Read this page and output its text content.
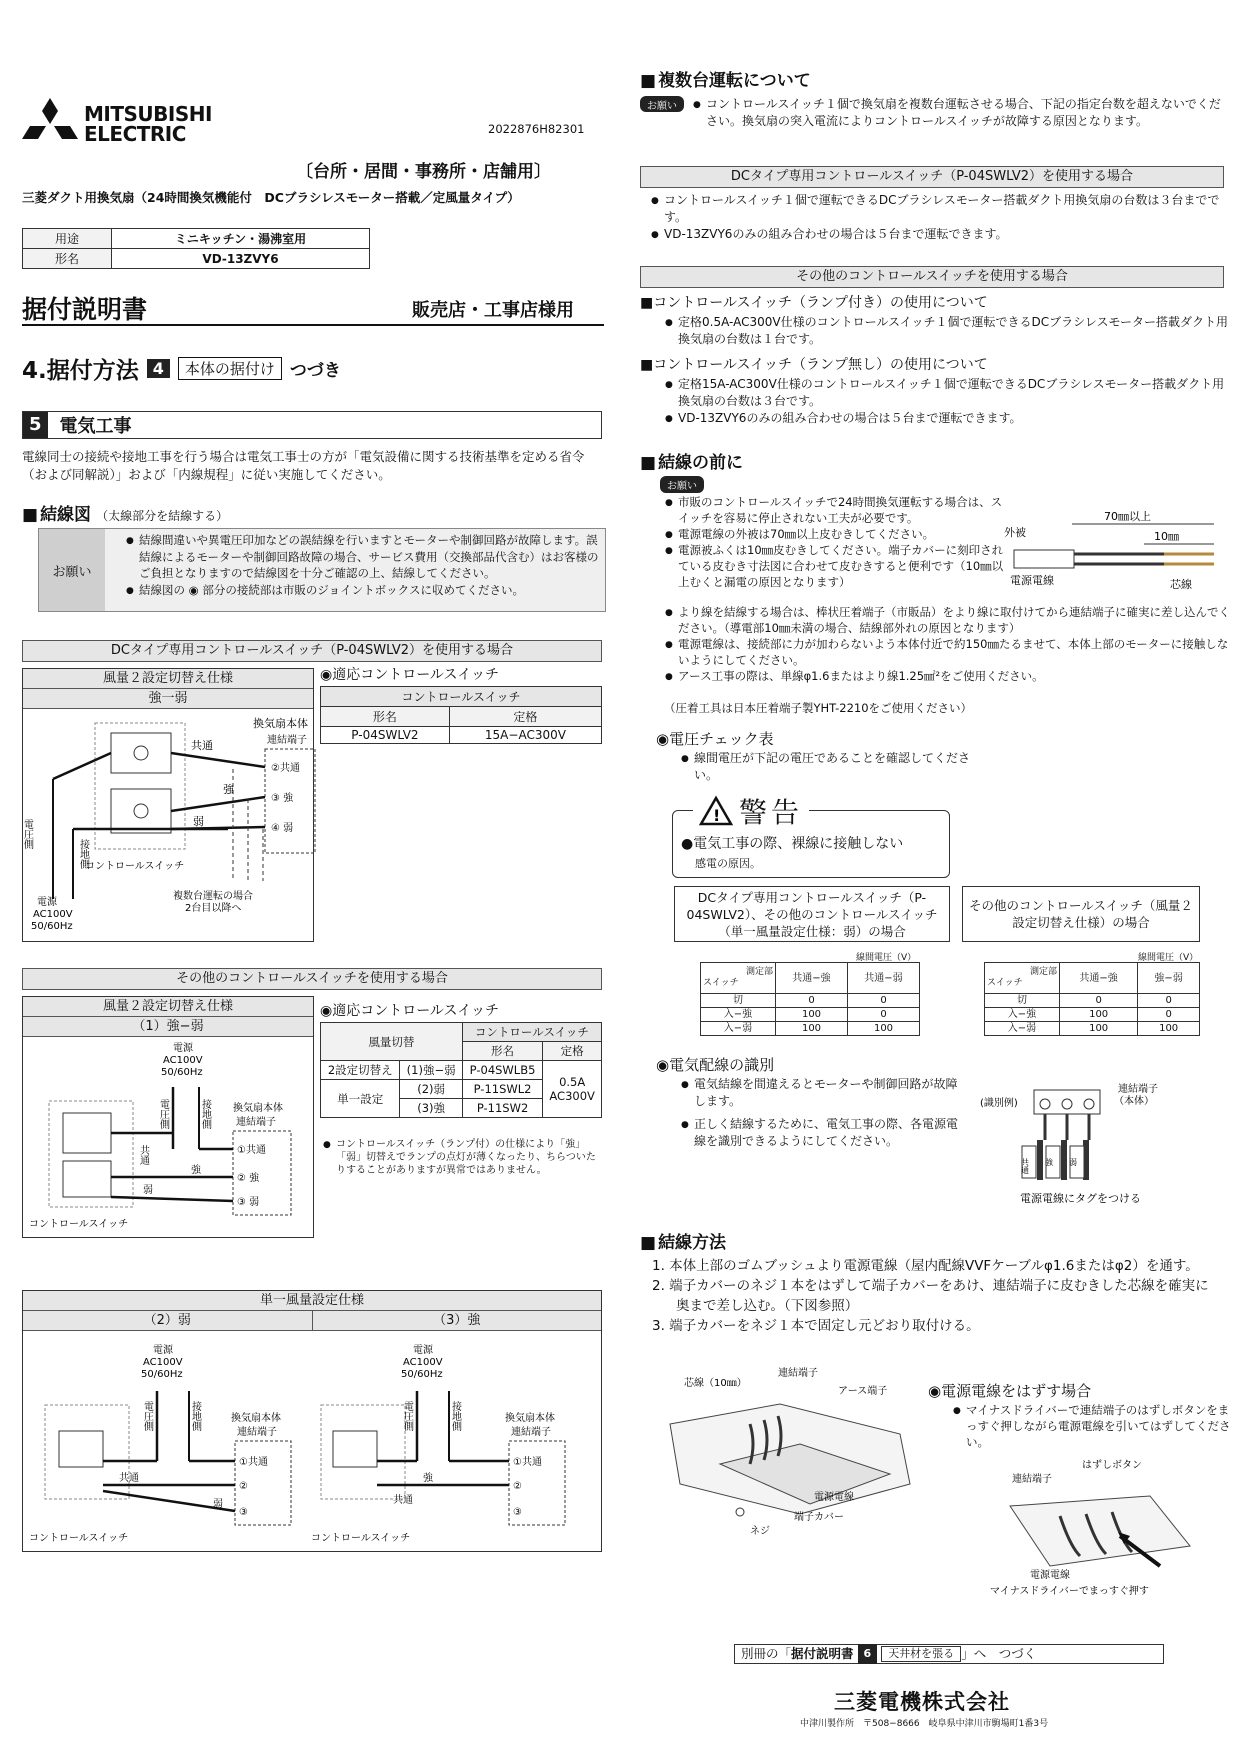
MITSUBISHI
ELECTRIC	2022876H82301
〔台所・居間・事務所・店舗用〕
三菱ダクト用換気扇（24時間換気機能付　DCブラシレスモーター搭載／定風量タイプ）
用途	ミニキッチン・湯沸室用
形名	VD-13ZVY6
据付説明書	販売店・工事店様用
4.据付方法 4	本体の据付け つづき
5	電気工事
電線同士の接続や接地工事を行う場合は電気工事士の方が「電気設備に関する技術基準を定める省令（および同解説）」および「内線規程」に従い実施してください。
■ 結線図 （太線部分を結線する）
お願い
● 結線間違いや異電圧印加などの誤結線を行いますとモーターや制御回路が故障します。誤結線によるモーターや制御回路故障の場合、サービス費用（交換部品代含む）はお客様のご負担となりますので結線図を十分ご確認の上、結線してください。
● 結線図の ◉ 部分の接続部は市販のジョイントボックスに収めてください。
DCタイプ専用コントロールスイッチ（P-04SWLV2）を使用する場合
風量２設定切替え仕様
強一弱
共通
強
弱
換気扇本体
連結端子
②共通
③ 強
④ 弱
電圧側
接地側
コントロールスイッチ
電源
AC100V
50/60Hz
複数台運転の場合
2台目以降へ
◉適応コントロールスイッチ
コントロールスイッチ	
形名	定格
P-04SWLV2	15A−AC300V
その他のコントロールスイッチを使用する場合
風量２設定切替え仕様
（1）強−弱
電源
AC100V
50/60Hz
共通
電圧側	接地側
強
弱
換気扇本体
連結端子
①共通
② 強
③ 弱
コントロールスイッチ
◉適応コントロールスイッチ
風量切替		コントロールスイッチ	
		形名	定格
2設定切替え	(1)強−弱	P-04SWLB5	0.5A
AC300V

単一設定	(2)弱	P-11SWL2	
	(3)強	P-11SW2	
● コントロールスイッチ（ランプ付）の仕様により「強」「弱」切替えでランプの点灯が薄くなったり、ちらついたりすることがありますが異常ではありません。
単一風量設定仕様
（2）弱	（3）強
電源
AC100V
50/60Hz
電圧側	接地側
共通
弱
換気扇本体
連結端子
①共通
②
③
コントロールスイッチ
電源
AC100V
50/60Hz
電圧側	接地側
共通
強
換気扇本体
連結端子
①共通
②
③
コントロールスイッチ
■ 複数台運転について
お願い	● コントロールスイッチ１個で換気扇を複数台運転させる場合、下記の指定台数を超えないでください。換気扇の突入電流によりコントロールスイッチが故障する原因となります。
DCタイプ専用コントロールスイッチ（P-04SWLV2）を使用する場合
● コントロールスイッチ１個で運転できるDCブラシレスモーター搭載ダクト用換気扇の台数は３台までです。
● VD-13ZVY6のみの組み合わせの場合は５台まで運転できます。
その他のコントロールスイッチを使用する場合
■コントロールスイッチ（ランプ付き）の使用について
● 定格0.5A-AC300V仕様のコントロールスイッチ１個で運転できるDCブラシレスモーター搭載ダクト用換気扇の台数は１台です。
■コントロールスイッチ（ランプ無し）の使用について
● 定格15A-AC300V仕様のコントロールスイッチ１個で運転できるDCブラシレスモーター搭載ダクト用換気扇の台数は３台です。
● VD-13ZVY6のみの組み合わせの場合は５台まで運転できます。
■ 結線の前に
お願い
● 市販のコントロールスイッチで24時間換気運転する場合は、スイッチを容易に停止されない工夫が必要です。
● 電源電線の外被は70㎜以上皮むきしてください。
● 電源被ふくは10㎜皮むきしてください。端子カバーに刻印されている皮むき寸法図に合わせて皮むきすると便利です（10㎜以上むくと漏電の原因となります）
70㎜以上
10㎜
外被
電源電線	芯線
● より線を結線する場合は、棒状圧着端子（市販品）をより線に取付けてから連結端子に確実に差し込んでください。（導電部10㎜未満の場合、結線部外れの原因となります）
● 電源電線は、接続部に力が加わらないよう本体付近で約150㎜たるませて、本体上部のモーターに接触しないようにしてください。
● アース工事の際は、単線φ1.6またはより線1.25㎟²をご使用ください。
（圧着工具は日本圧着端子製YHT-2210をご使用ください）
◉電圧チェック表
● 線間電圧が下記の電圧であることを確認してください。
! 警告
●電気工事の際、裸線に接触しない
感電の原因。
DCタイプ専用コントロールスイッチ（P-04SWLV2）、その他のコントロールスイッチ（単一風量設定仕様：弱）の場合
その他のコントロールスイッチ（風量２設定切替え仕様）の場合
線間電圧（V）
測定部
スイッチ	共通−強	共通−弱
切	0	0
入−強	100	0
入−弱	100	100
線間電圧（V）
測定部
スイッチ	共通−強	強−弱
切	0	0
入−強	100	0
入−弱	100	100
◉電気配線の識別
● 電気結線を間違えるとモーターや制御回路が故障します。
● 正しく結線するために、電気工事の際、各電源電線を識別できるようにしてください。
(識別例)
連結端子
（本体）
共通 強 弱
電源電線にタグをつける
■ 結線方法
1. 本体上部のゴムブッシュより電源電線（屋内配線VVFケーブルφ1.6またはφ2）を通す。
2. 端子カバーのネジ１本をはずして端子カバーをあけ、連結端子に皮むきした芯線を確実に奥まで差し込む。（下図参照）
3. 端子カバーをネジ１本で固定し元どおり取付ける。
芯線（10㎜）
連結端子
アース端子
電源電線
端子カバー
ネジ
◉電源電線をはずす場合
● マイナスドライバーで連結端子のはずしボタンをまっすぐ押しながら電源電線を引いてはずしてください。
はずしボタン
連結端子
電源電線
マイナスドライバーでまっすぐ押す
別冊の「 据付説明書 6	天井材を張る 」へ　つづく
三菱電機株式会社
中津川製作所　〒508−8666　岐阜県中津川市駒場町1番3号
